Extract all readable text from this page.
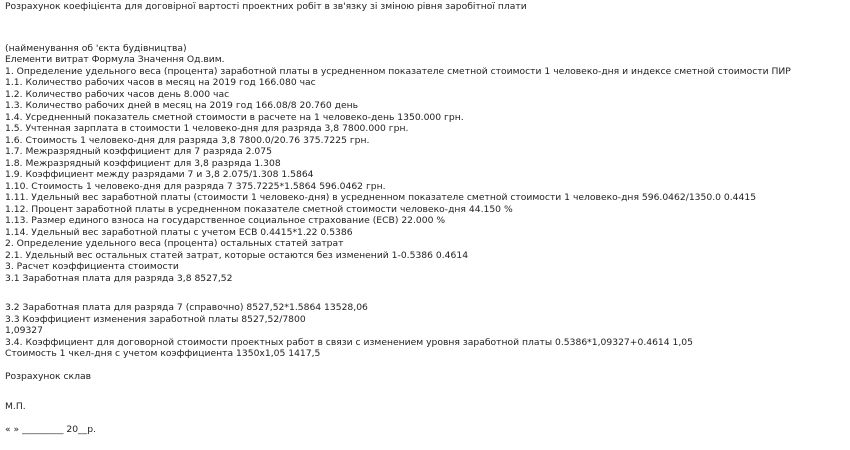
Розрахунок коефіцієнта для договірної вартості проектних робіт в зв'язку зі зміною рівня заробітної плати
(найменування об 'єкта будівництва)
Елементи витрат Формула Значення Од.вим.
1. Определение удельного веса (процента) заработной платы в усредненном показателе сметной стоимости 1 человеко-дня и индексе сметной стоимости ПИР
1.1. Количество рабочих часов в месяц на 2019 год 166.080 час
1.2. Количество рабочих часов день 8.000 час
1.3. Количество рабочих дней в месяц на 2019 год 166.08/8 20.760 день
1.4. Усредненный показатель сметной стоимости в расчете на 1 человеко-день 1350.000 грн.
1.5. Учтенная зарплата в стоимости 1 человеко-дня для разряда 3,8 7800.000 грн.
1.6. Стоимость 1 человеко-дня для разряда 3,8 7800.0/20.76 375.7225 грн.
1.7. Межразрядный коэффициент для 7 разряда 2.075
1.8. Межразрядный коэффициент для 3,8 разряда 1.308
1.9. Коэффициент между разрядами 7 и 3,8 2.075/1.308 1.5864
1.10. Стоимость 1 человеко-дня для разряда 7 375.7225*1.5864 596.0462 грн.
1.11. Удельный вес заработной платы (стоимости 1 человеко-дня) в усредненном показателе сметной стоимости 1 человеко-дня 596.0462/1350.0 0.4415
1.12. Процент заработной платы в усредненном показателе сметной стоимости человеко-дня 44.150 %
1.13. Размер единого взноса на государственное социальное страхование (ЕСВ) 22.000 %
1.14. Удельный вес заработной платы с учетом ЕСВ 0.4415*1.22 0.5386
2. Определение удельного веса (процента) остальных статей затрат
2.1. Удельный вес остальных статей затрат, которые остаются без изменений 1-0.5386 0.4614
3. Расчет коэффициента стоимости
3.1 Заработная плата для разряда 3,8 8527,52
3.2 Заработная плата для разряда 7 (справочно) 8527,52*1.5864 13528,06
3.3 Коэффициент изменения заработной платы 8527,52/7800
1,09327
3.4. Коэффициент для договорной стоимости проектных работ в связи с изменением уровня заработной платы 0.5386*1,09327+0.4614 1,05
Стоимость 1 чкел-дня с учетом коэффициента 1350х1,05 1417,5
Розрахунок склав
М.П.
« » _________ 20__р.
